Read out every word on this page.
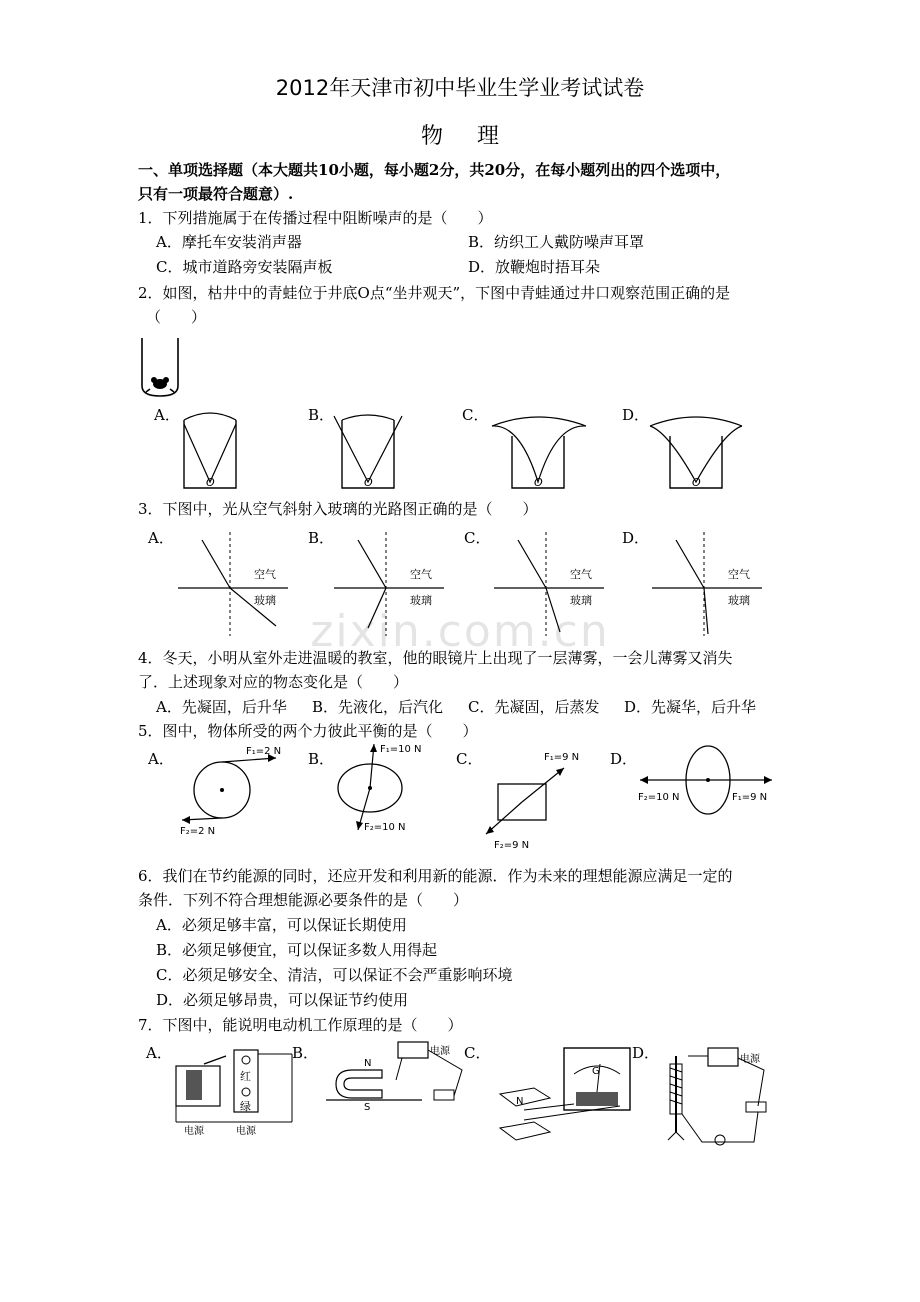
zixin.com.cn
2012年天津市初中毕业生学业考试试卷
物理
一、单项选择题（本大题共10小题，每小题2分，共20分，在每小题列出的四个选项中，
只有一项最符合题意）.
1．下列措施属于在传播过程中阻断噪声的是（　　）
A．摩托车安装消声器	B．纺织工人戴防噪声耳罩
C．城市道路旁安装隔声板	D．放鞭炮时捂耳朵
2．如图，枯井中的青蛙位于井底O点“坐井观天”，下图中青蛙通过井口观察范围正确的是
（　　）
A．	B．	C．	D．
O	O	O	O
3．下图中，光从空气斜射入玻璃的光路图正确的是（　　）
A．	B．	C．	D．
空气
玻璃
空气
玻璃
空气
玻璃
空气
玻璃
4．冬天，小明从室外走进温暖的教室，他的眼镜片上出现了一层薄雾，一会儿薄雾又消失
了．上述现象对应的物态变化是（　　）
A．先凝固，后升华 B．先液化，后汽化 C．先凝固，后蒸发 D．先凝华，后升华
5．图中，物体所受的两个力彼此平衡的是（　　）
A．	B．	C．	D．
F₁=2 N
F₂=2 N
F₁=10 N
F₂=10 N
F₁=9 N
F₂=9 N
F₂=10 N	F₁=9 N
6．我们在节约能源的同时，还应开发和利用新的能源．作为未来的理想能源应满足一定的
条件．下列不符合理想能源必要条件的是（　　）
A．必须足够丰富，可以保证长期使用
B．必须足够便宜，可以保证多数人用得起
C．必须足够安全、清洁，可以保证不会严重影响环境
D．必须足够昂贵，可以保证节约使用
7．下图中，能说明电动机工作原理的是（　　）
A．	B．	C．	D．
红
绿
电源	电源
电源
N
S
G
N
电源
